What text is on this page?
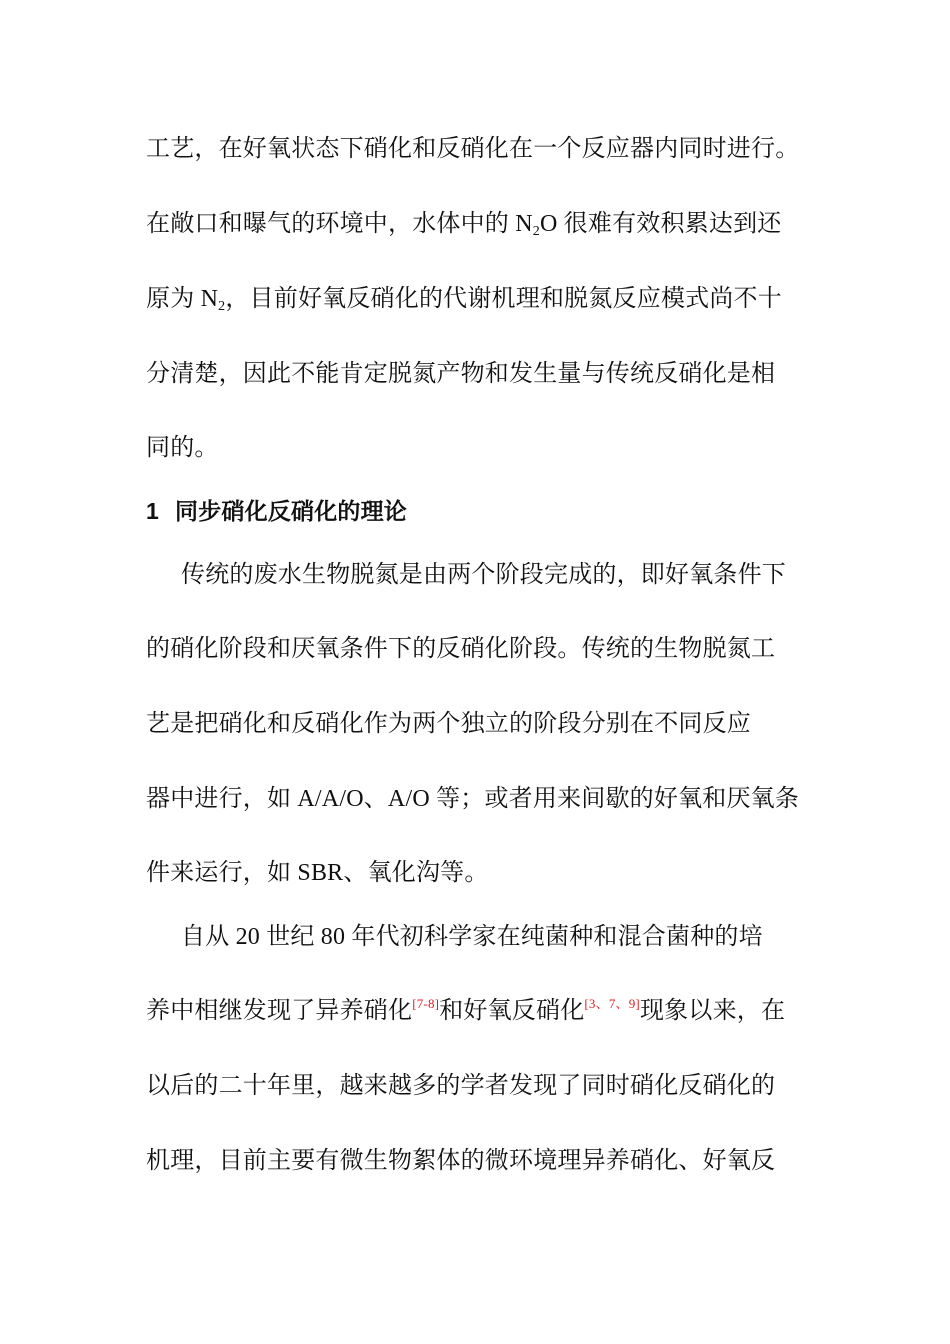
工艺，在好氧状态下硝化和反硝化在一个反应器内同时进行。
在敞口和曝气的环境中，水体中的 $N_2O$ 很难有效积累达到还
原为 $N_2$，目前好氧反硝化的代谢机理和脱氮反应模式尚不十
分清楚，因此不能肯定脱氮产物和发生量与传统反硝化是相
同的。
1 同步硝化反硝化的理论
传统的废水生物脱氮是由两个阶段完成的，即好氧条件下
的硝化阶段和厌氧条件下的反硝化阶段。传统的生物脱氮工
艺是把硝化和反硝化作为两个独立的阶段分别在不同反应
器中进行，如 A/A/O、A/O 等；或者用来间歇的好氧和厌氧条
件来运行，如 SBR、氧化沟等。
自从 20 世纪 80 年代初科学家在纯菌种和混合菌种的培
养中相继发现了异养硝化[7-8]和好氧反硝化[3、7、9]现象以来，在
以后的二十年里，越来越多的学者发现了同时硝化反硝化的
机理，目前主要有微生物絮体的微环境理异养硝化、好氧反
